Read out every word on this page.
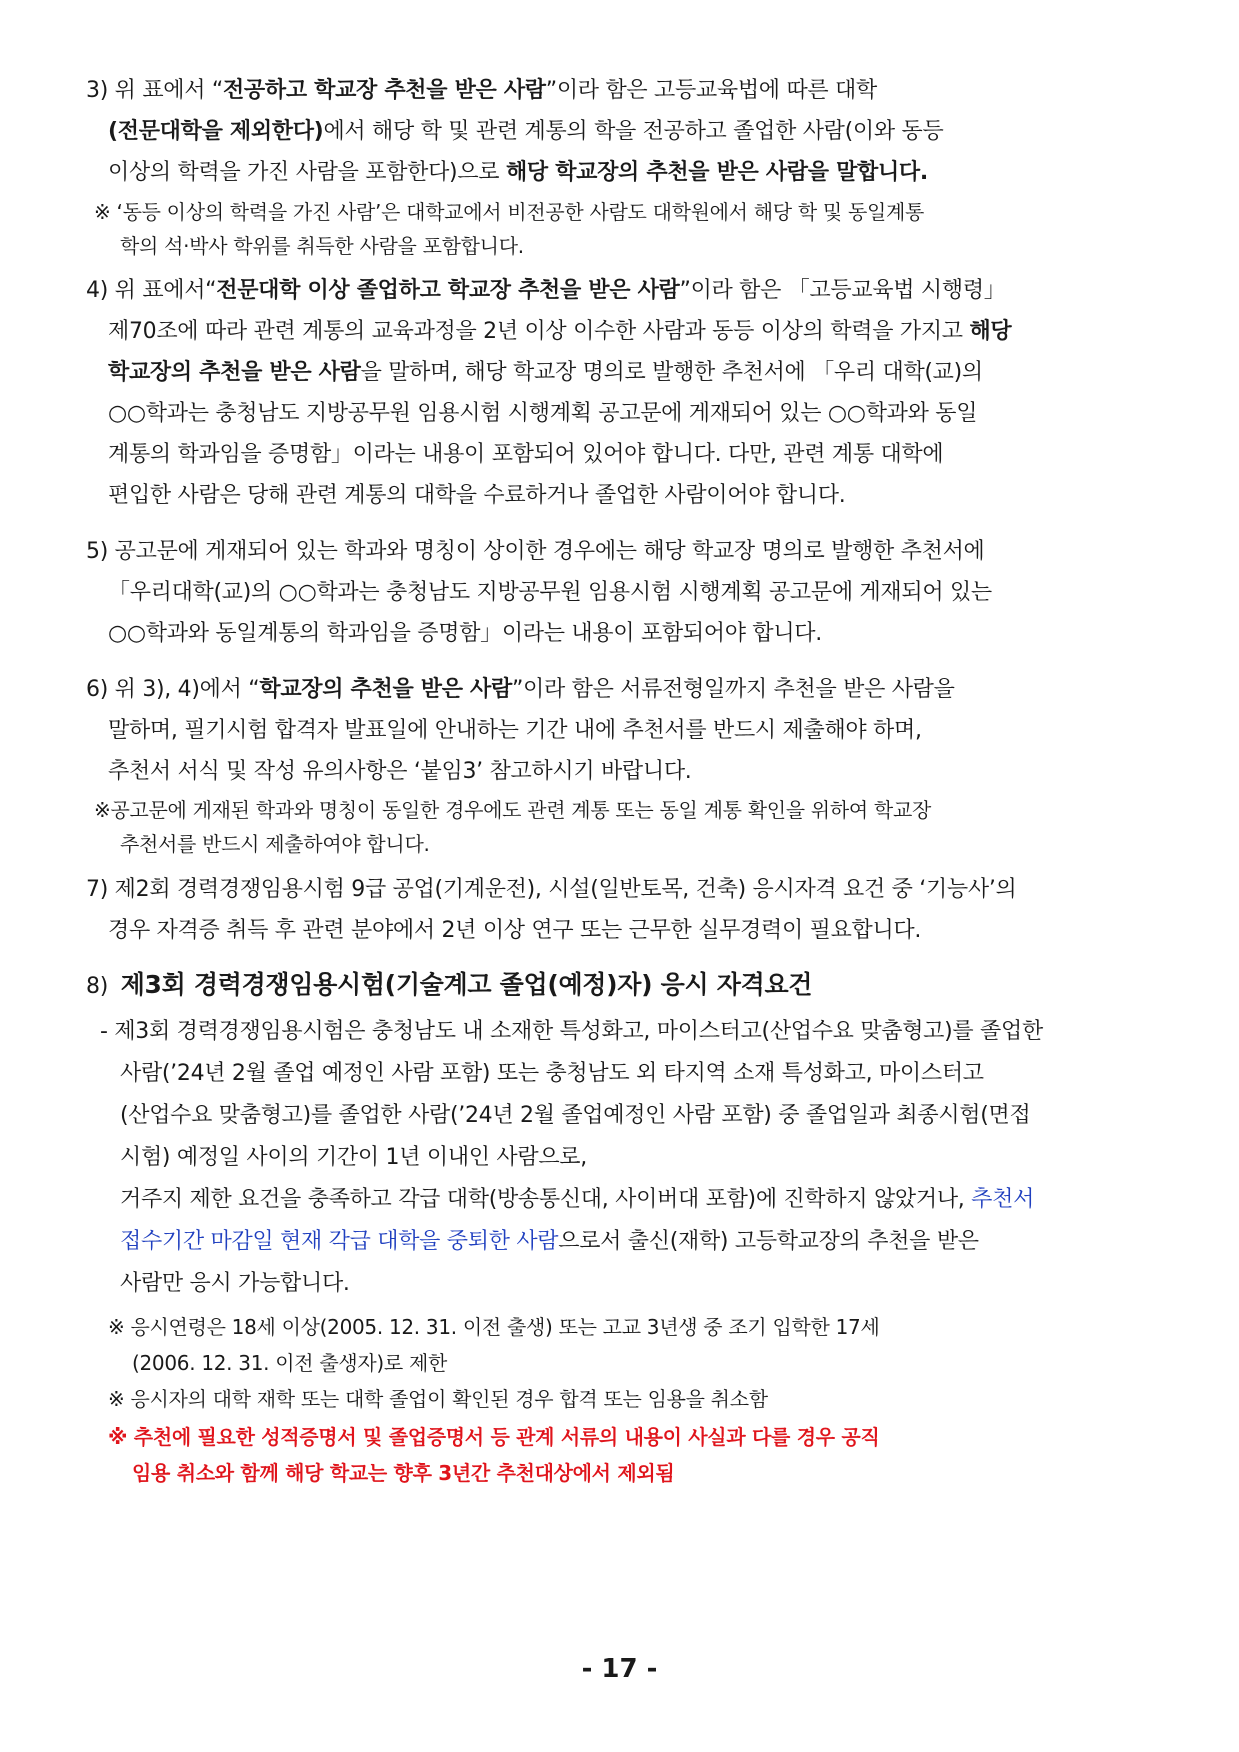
3) 위 표에서 “전공하고 학교장 추천을 받은 사람”이라 함은 고등교육법에 따른 대학
(전문대학을 제외한다)에서 해당 학 및 관련 계통의 학을 전공하고 졸업한 사람(이와 동등
이상의 학력을 가진 사람을 포함한다)으로 해당 학교장의 추천을 받은 사람을 말합니다.
※ ‘동등 이상의 학력을 가진 사람’은 대학교에서 비전공한 사람도 대학원에서 해당 학 및 동일계통
학의 석·박사 학위를 취득한 사람을 포함합니다.
4) 위 표에서“전문대학 이상 졸업하고 학교장 추천을 받은 사람”이라 함은 「고등교육법 시행령」
제70조에 따라 관련 계통의 교육과정을 2년 이상 이수한 사람과 동등 이상의 학력을 가지고 해당
학교장의 추천을 받은 사람을 말하며, 해당 학교장 명의로 발행한 추천서에 「우리 대학(교)의
○○학과는 충청남도 지방공무원 임용시험 시행계획 공고문에 게재되어 있는 ○○학과와 동일
계통의 학과임을 증명함」이라는 내용이 포함되어 있어야 합니다. 다만, 관련 계통 대학에
편입한 사람은 당해 관련 계통의 대학을 수료하거나 졸업한 사람이어야 합니다.
5) 공고문에 게재되어 있는 학과와 명칭이 상이한 경우에는 해당 학교장 명의로 발행한 추천서에
「우리대학(교)의 ○○학과는 충청남도 지방공무원 임용시험 시행계획 공고문에 게재되어 있는
○○학과와 동일계통의 학과임을 증명함」이라는 내용이 포함되어야 합니다.
6) 위 3), 4)에서 “학교장의 추천을 받은 사람”이라 함은 서류전형일까지 추천을 받은 사람을
말하며, 필기시험 합격자 발표일에 안내하는 기간 내에 추천서를 반드시 제출해야 하며,
추천서 서식 및 작성 유의사항은 ‘붙임3’ 참고하시기 바랍니다.
※공고문에 게재된 학과와 명칭이 동일한 경우에도 관련 계통 또는 동일 계통 확인을 위하여 학교장
추천서를 반드시 제출하여야 합니다.
7) 제2회 경력경쟁임용시험 9급 공업(기계운전), 시설(일반토목, 건축) 응시자격 요건 중 ‘기능사’의
경우 자격증 취득 후 관련 분야에서 2년 이상 연구 또는 근무한 실무경력이 필요합니다.
8) 제3회 경력경쟁임용시험(기술계고 졸업(예정)자) 응시 자격요건
- 제3회 경력경쟁임용시험은 충청남도 내 소재한 특성화고, 마이스터고(산업수요 맞춤형고)를 졸업한
사람(’24년 2월 졸업 예정인 사람 포함) 또는 충청남도 외 타지역 소재 특성화고, 마이스터고
(산업수요 맞춤형고)를 졸업한 사람(’24년 2월 졸업예정인 사람 포함) 중 졸업일과 최종시험(면접
시험) 예정일 사이의 기간이 1년 이내인 사람으로,
거주지 제한 요건을 충족하고 각급 대학(방송통신대, 사이버대 포함)에 진학하지 않았거나, 추천서
접수기간 마감일 현재 각급 대학을 중퇴한 사람으로서 출신(재학) 고등학교장의 추천을 받은
사람만 응시 가능합니다.
※ 응시연령은 18세 이상(2005. 12. 31. 이전 출생) 또는 고교 3년생 중 조기 입학한 17세
(2006. 12. 31. 이전 출생자)로 제한
※ 응시자의 대학 재학 또는 대학 졸업이 확인된 경우 합격 또는 임용을 취소함
※ 추천에 필요한 성적증명서 및 졸업증명서 등 관계 서류의 내용이 사실과 다를 경우 공직
임용 취소와 함께 해당 학교는 향후 3년간 추천대상에서 제외됨
- 17 -
